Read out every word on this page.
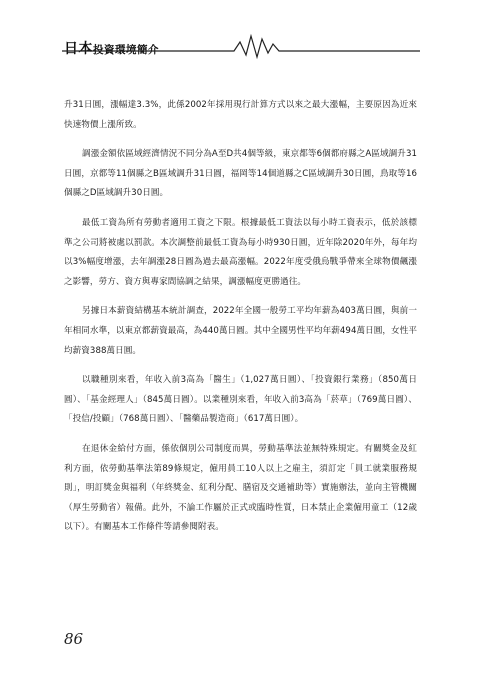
日本投資環境簡介

升31日圓，漲幅達3.3%，此係2002年採用現行計算方式以來之最大漲幅，主要原因為近來快速物價上漲所致。

調漲金額依區域經濟情況不同分為A至D共4個等級，東京都等6個都府縣之A區域調升31日圓，京都等11個縣之B區域調升31日圓，福岡等14個道縣之C區域調升30日圓，鳥取等16個縣之D區域調升30日圓。

最低工資為所有勞動者適用工資之下限。根據最低工資法以每小時工資表示，低於該標準之公司將被處以罰款。本次調整前最低工資為每小時930日圓，近年除2020年外，每年均以3%幅度增漲，去年調漲28日圓為過去最高漲幅。2022年度受俄烏戰爭帶來全球物價飆漲之影響，勞方、資方與專家間協調之結果，調漲幅度更勝過往。

另據日本薪資結構基本統計調查，2022年全國一般勞工平均年薪為403萬日圓，與前一年相同水準，以東京都薪資最高，為440萬日圓。其中全國男性平均年薪494萬日圓，女性平均薪資388萬日圓。

以職種別來看，年收入前3高為「醫生」（1,027萬日圓）、「投資銀行業務」（850萬日圓）、「基金經理人」（845萬日圓）。以業種別來看，年收入前3高為「菸草」（769萬日圓）、「投信/投顧」（768萬日圓）、「醫藥品製造商」（617萬日圓）。

在退休金給付方面，係依個別公司制度而異，勞動基準法並無特殊規定。有關獎金及紅利方面，依勞動基準法第89條規定，僱用員工10人以上之雇主，須訂定「員工就業服務規則」，明訂獎金與福利（年終獎金、紅利分配、膳宿及交通補助等）實施辦法，並向主管機關（厚生勞動省）報備。此外，不論工作屬於正式或臨時性質，日本禁止企業僱用童工（12歲以下）。有關基本工作條件等請參閱附表。

86
